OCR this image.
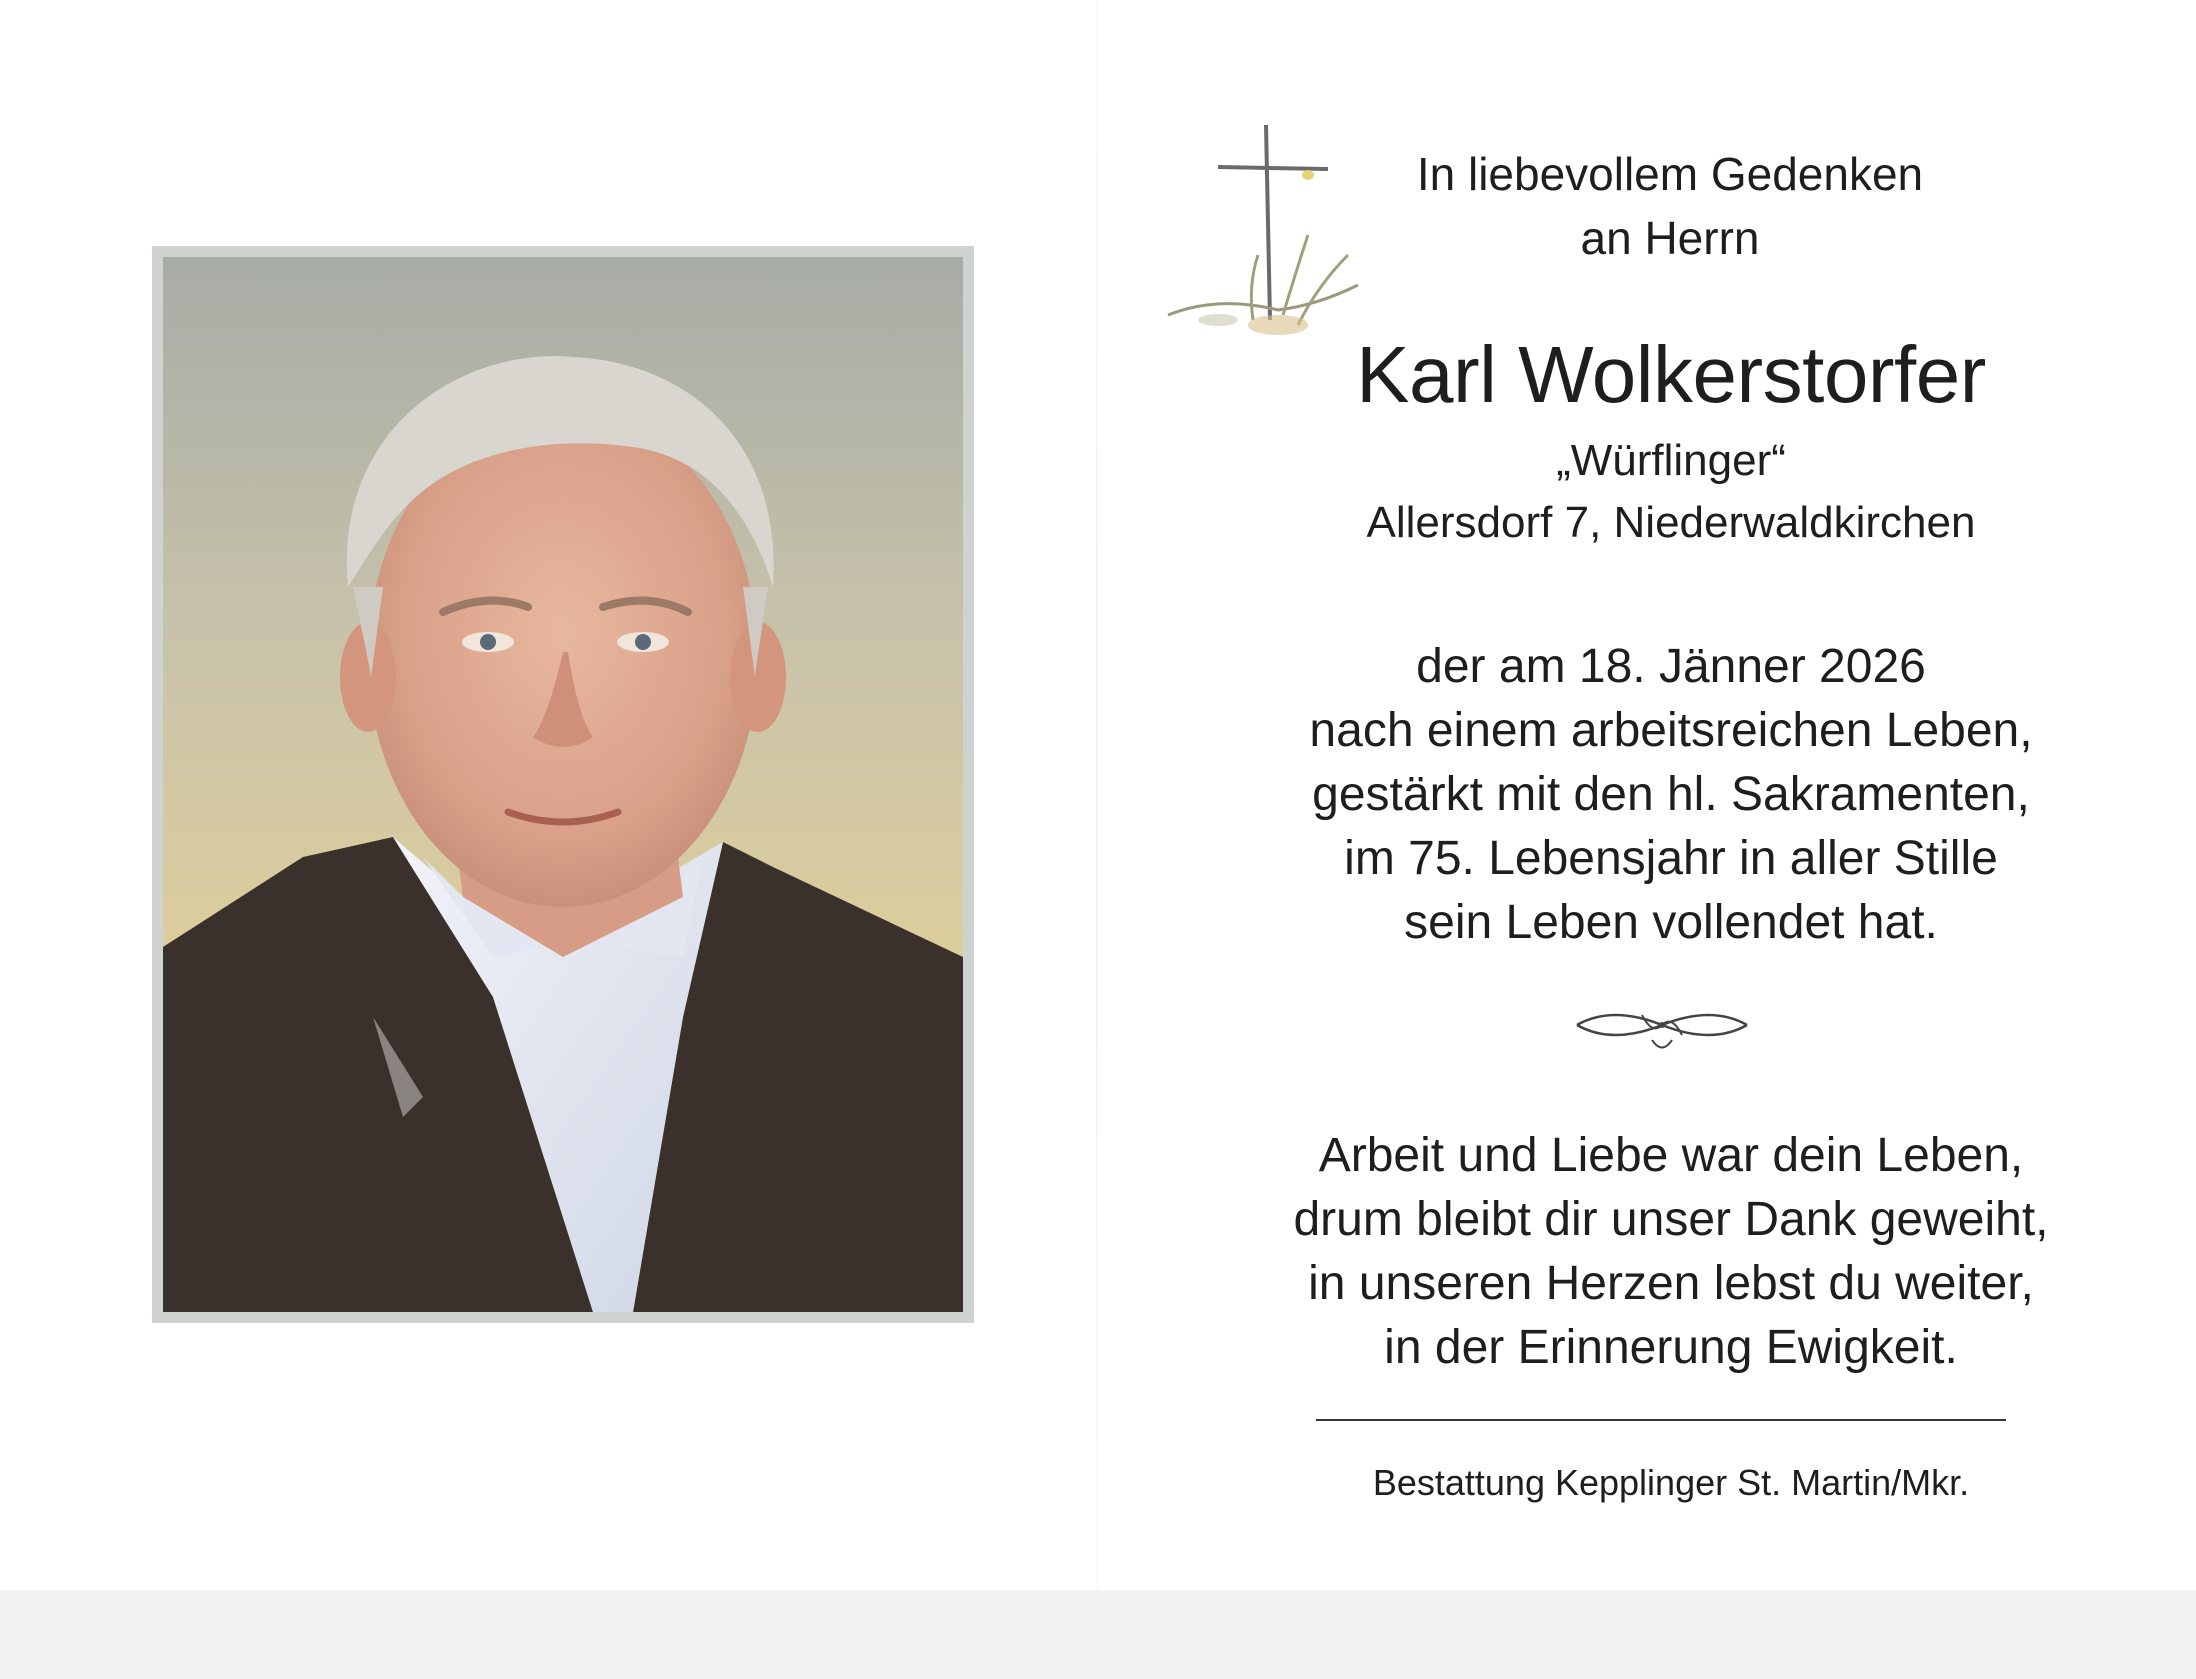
In liebevollem Gedenken
an Herrn
Karl Wolkerstorfer
„Würflinger“
Allersdorf 7, Niederwaldkirchen
der am 18. Jänner 2026
nach einem arbeitsreichen Leben,
gestärkt mit den hl. Sakramenten,
im 75. Lebensjahr in aller Stille
sein Leben vollendet hat.
Arbeit und Liebe war dein Leben,
drum bleibt dir unser Dank geweiht,
in unseren Herzen lebst du weiter,
in der Erinnerung Ewigkeit.
Bestattung Kepplinger St. Martin/Mkr.
